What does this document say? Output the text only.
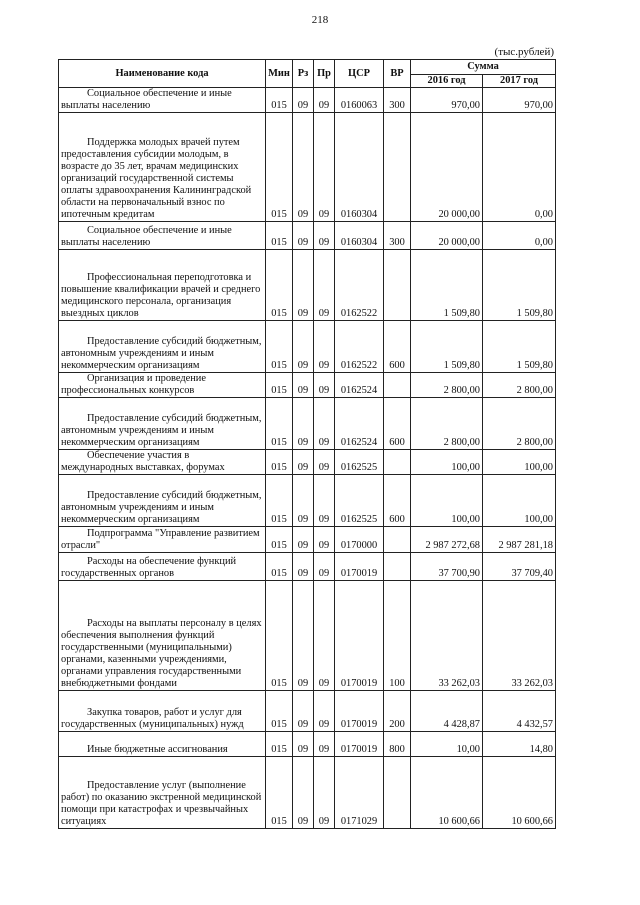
218
(тыс.рублей)
Наименование кода	Мин	Рз	Пр	ЦСР	ВР	Сумма	
						2016 год	2017 год
Социальное обеспечение и иные выплаты населению	015	09	09	0160063	300	970,00	970,00
Поддержка молодых врачей путем предоставления субсидии молодым, в возрасте до 35 лет, врачам медицинских организаций государственной системы оплаты здравоохранения Калининградской области на первоначальный взнос по ипотечным кредитам	015	09	09	0160304		20 000,00	0,00
Социальное обеспечение и иные выплаты населению	015	09	09	0160304	300	20 000,00	0,00
Профессиональная переподготовка и повышение квалификации врачей и среднего медицинского персонала, организация выездных циклов	015	09	09	0162522		1 509,80	1 509,80
Предоставление субсидий бюджетным, автономным учреждениям и иным некоммерческим организациям	015	09	09	0162522	600	1 509,80	1 509,80
Организация и проведение профессиональных конкурсов	015	09	09	0162524		2 800,00	2 800,00
Предоставление субсидий бюджетным, автономным учреждениям и иным некоммерческим организациям	015	09	09	0162524	600	2 800,00	2 800,00
Обеспечение участия в международных выставках, форумах	015	09	09	0162525		100,00	100,00
Предоставление субсидий бюджетным, автономным учреждениям и иным некоммерческим организациям	015	09	09	0162525	600	100,00	100,00
Подпрограмма "Управление развитием отрасли"	015	09	09	0170000		2 987 272,68	2 987 281,18
Расходы на обеспечение функций государственных органов	015	09	09	0170019		37 700,90	37 709,40
Расходы на выплаты персоналу в целях обеспечения выполнения функций государственными (муниципальными) органами, казенными учреждениями, органами управления государственными внебюджетными фондами	015	09	09	0170019	100	33 262,03	33 262,03
Закупка товаров, работ и услуг для государственных (муниципальных) нужд	015	09	09	0170019	200	4 428,87	4 432,57
Иные бюджетные ассигнования	015	09	09	0170019	800	10,00	14,80
Предоставление услуг (выполнение работ) по оказанию экстренной медицинской помощи при катастрофах и чрезвычайных ситуациях	015	09	09	0171029		10 600,66	10 600,66
